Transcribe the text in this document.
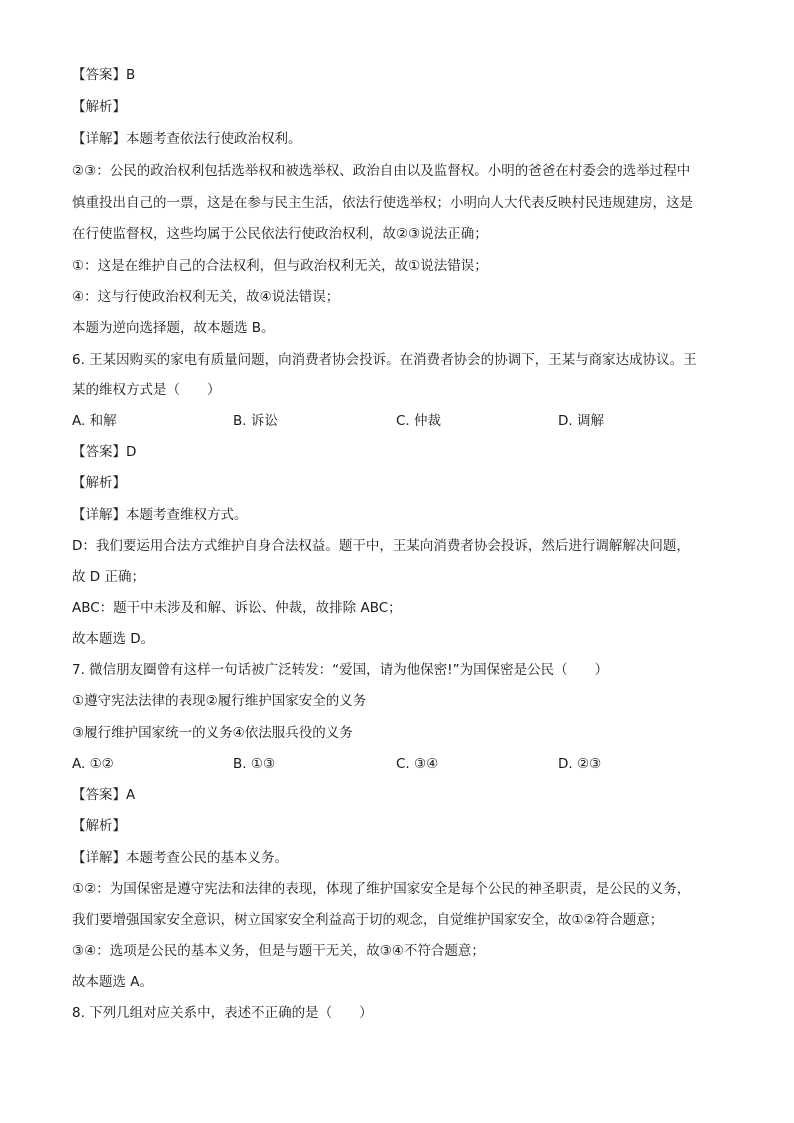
【答案】B
【解析】
【详解】本题考查依法行使政治权利。
②③：公民的政治权利包括选举权和被选举权、政治自由以及监督权。小明的爸爸在村委会的选举过程中
慎重投出自己的一票，这是在参与民主生活，依法行使选举权；小明向人大代表反映村民违规建房，这是
在行使监督权，这些均属于公民依法行使政治权利，故②③说法正确；
①：这是在维护自己的合法权利，但与政治权利无关，故①说法错误；
④：这与行使政治权利无关，故④说法错误；
本题为逆向选择题，故本题选 B。
6. 王某因购买的家电有质量问题，向消费者协会投诉。在消费者协会的协调下，王某与商家达成协议。王
某的维权方式是（　　）
A. 和解	B. 诉讼	C. 仲裁	D. 调解
【答案】D
【解析】
【详解】本题考查维权方式。
D：我们要运用合法方式维护自身合法权益。题干中，王某向消费者协会投诉，然后进行调解解决问题，
故 D 正确；
ABC：题干中未涉及和解、诉讼、仲裁，故排除 ABC；
故本题选 D。
7. 微信朋友圈曾有这样一句话被广泛转发：“爱国，请为他保密!”为国保密是公民（　　）
①遵守宪法法律的表现②履行维护国家安全的义务
③履行维护国家统一的义务④依法服兵役的义务
A. ①②	B. ①③	C. ③④	D. ②③
【答案】A
【解析】
【详解】本题考查公民的基本义务。
①②：为国保密是遵守宪法和法律的表现，体现了维护国家安全是每个公民的神圣职责，是公民的义务，
我们要增强国家安全意识，树立国家安全利益高于切的观念，自觉维护国家安全，故①②符合题意；
③④：选项是公民的基本义务，但是与题干无关，故③④不符合题意；
故本题选 A。
8. 下列几组对应关系中，表述不正确的是（　　）
